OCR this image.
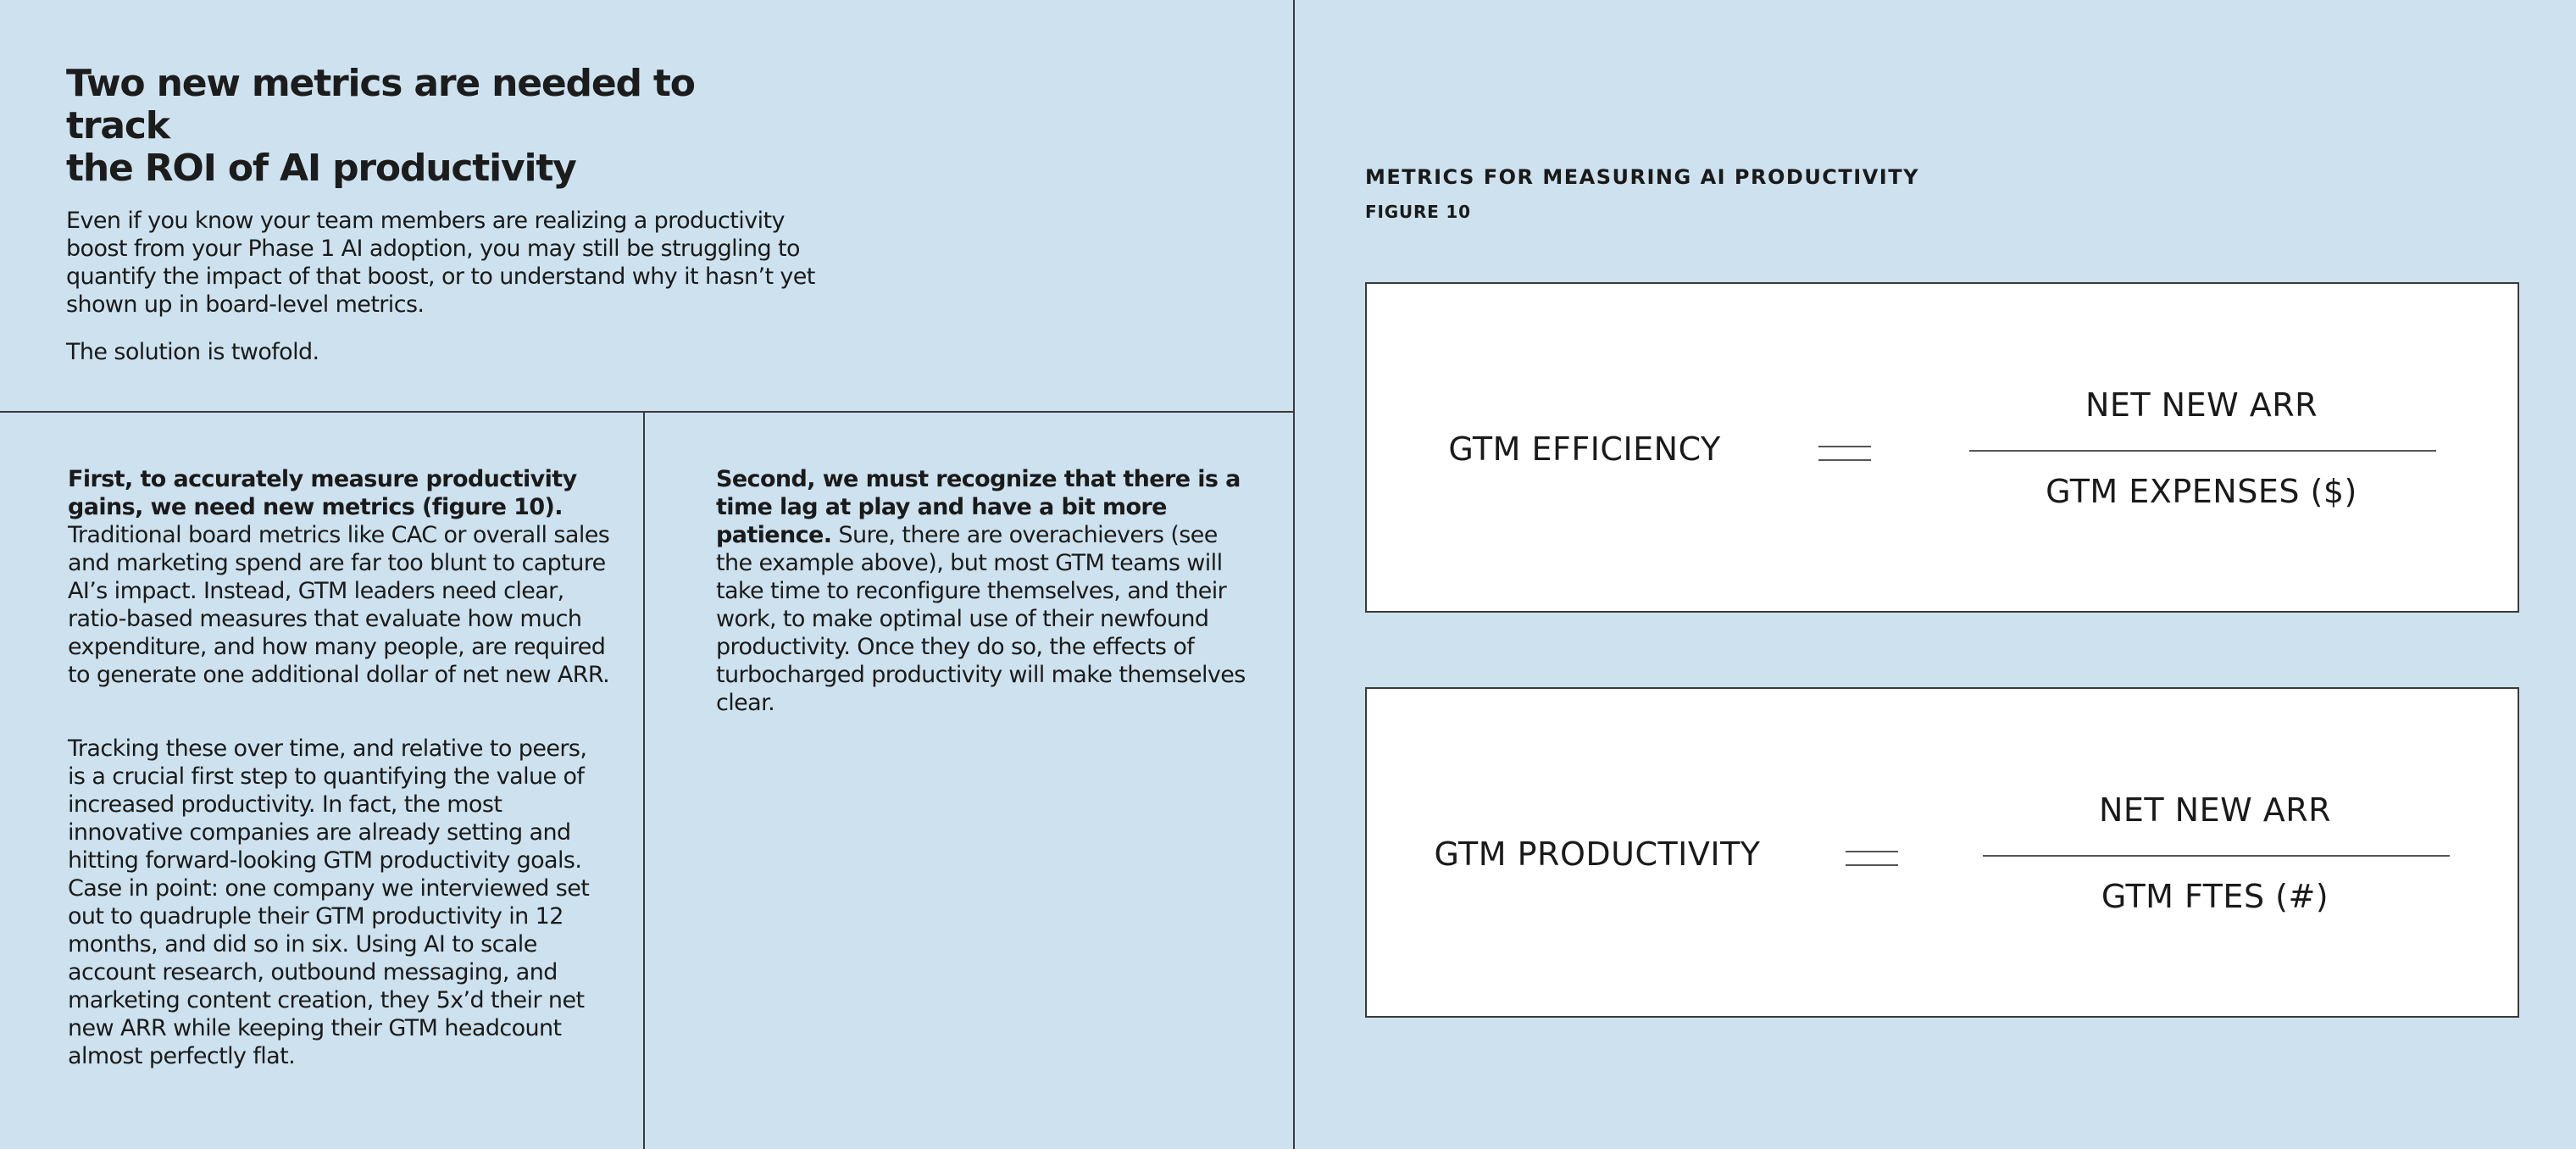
Two new metrics are needed to track
the ROI of AI productivity

Even if you know your team members are realizing a productivity boost from your Phase 1 AI adoption, you may still be struggling to quantify the impact of that boost, or to understand why it hasn’t yet shown up in board-level metrics.

The solution is twofold.

First, to accurately measure productivity gains, we need new metrics (figure 10). Traditional board metrics like CAC or overall sales and marketing spend are far too blunt to capture AI’s impact. Instead, GTM leaders need clear, ratio-based measures that evaluate how much expenditure, and how many people, are required to generate one additional dollar of net new ARR.

Tracking these over time, and relative to peers, is a crucial first step to quantifying the value of increased productivity. In fact, the most innovative companies are already setting and hitting forward-looking GTM productivity goals. Case in point: one company we interviewed set out to quadruple their GTM productivity in 12 months, and did so in six. Using AI to scale account research, outbound messaging, and marketing content creation, they 5x’d their net new ARR while keeping their GTM headcount almost perfectly flat.

Second, we must recognize that there is a time lag at play and have a bit more patience. Sure, there are overachievers (see the example above), but most GTM teams will take time to reconfigure themselves, and their work, to make optimal use of their newfound productivity. Once they do so, the effects of turbocharged productivity will make themselves clear.

METRICS FOR MEASURING AI PRODUCTIVITY

FIGURE 10

GTM EFFICIENCY
NET NEW ARR
GTM EXPENSES ($)
GTM PRODUCTIVITY
NET NEW ARR
GTM FTES (#)
